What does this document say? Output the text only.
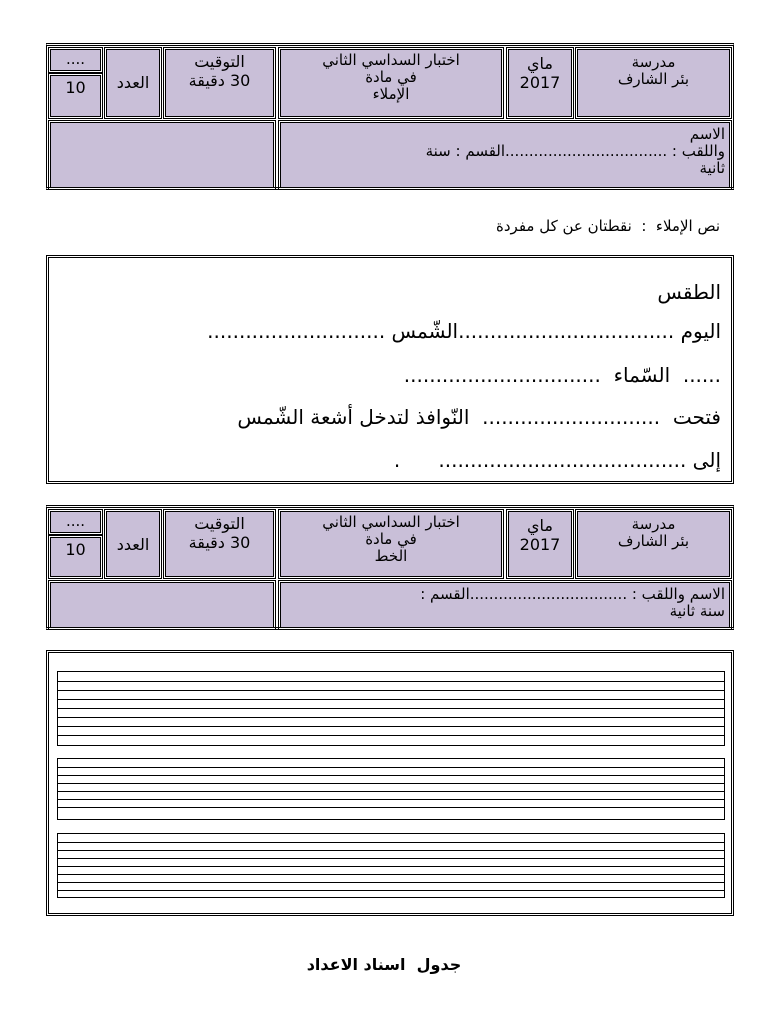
مدرسة
بئر الشارف
ماي
2017
اختبار السداسي الثاني
في مادة
الإملاء
التوقيت
30 دقيقة
العدد
....
10
الاسم
واللقب : ..................................القسم : سنة
ثانية
نص الإملاء  :  نقطتان عن كل مفردة
الطقس
اليوم ..................................الشّمس ............................
......  السّماء  ...............................
فتحت  ............................  النّوافذ لتدخل أشعة الشّمس
إلى .......................................      .
مدرسة
بئر الشارف
ماي
2017
اختبار السداسي الثاني
في مادة
الخط
التوقيت
30 دقيقة
العدد
....
10
الاسم واللقب : .................................القسم :
سنة ثانية
جدول  اسناد الاعداد
